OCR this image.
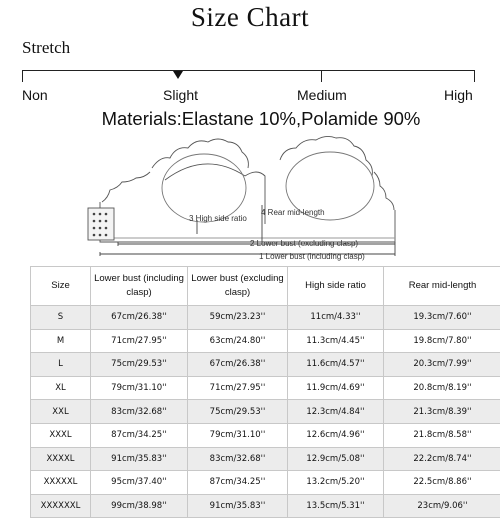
Size Chart
Stretch
Non	Slight	Medium	High
Materials:Elastane 10%,Polamide 90%
3 High side ratio
4 Rear mid-length
2 Lower bust (excluding clasp)
1 Lower bust (including clasp)
Size	Lower bust (including clasp)	Lower bust (excluding clasp)	High side ratio	Rear mid-length
S	67cm/26.38''	59cm/23.23''	11cm/4.33''	19.3cm/7.60''
M	71cm/27.95''	63cm/24.80''	11.3cm/4.45''	19.8cm/7.80''
L	75cm/29.53''	67cm/26.38''	11.6cm/4.57''	20.3cm/7.99''
XL	79cm/31.10''	71cm/27.95''	11.9cm/4.69''	20.8cm/8.19''
XXL	83cm/32.68''	75cm/29.53''	12.3cm/4.84''	21.3cm/8.39''
XXXL	87cm/34.25''	79cm/31.10''	12.6cm/4.96''	21.8cm/8.58''
XXXXL	91cm/35.83''	83cm/32.68''	12.9cm/5.08''	22.2cm/8.74''
XXXXXL	95cm/37.40''	87cm/34.25''	13.2cm/5.20''	22.5cm/8.86''
XXXXXXL	99cm/38.98''	91cm/35.83''	13.5cm/5.31''	23cm/9.06''
